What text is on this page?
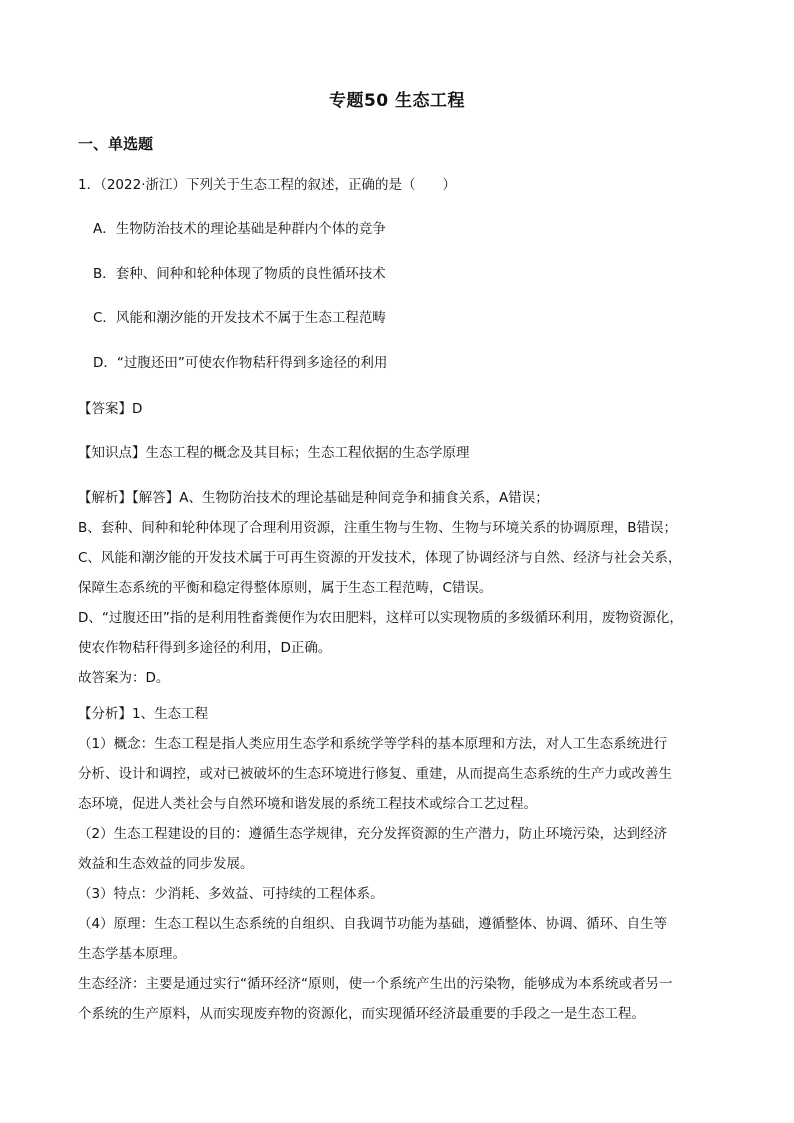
专题50 生态工程
一、单选题
1．（2022·浙江）下列关于生态工程的叙述，正确的是（　　）
A．生物防治技术的理论基础是种群内个体的竞争
B．套种、间种和轮种体现了物质的良性循环技术
C．风能和潮汐能的开发技术不属于生态工程范畴
D．“过腹还田”可使农作物秸秆得到多途径的利用
【答案】D
【知识点】生态工程的概念及其目标；生态工程依据的生态学原理
【解析】【解答】A、生物防治技术的理论基础是种间竞争和捕食关系，A错误；
B、套种、间种和轮种体现了合理利用资源，注重生物与生物、生物与环境关系的协调原理，B错误；
C、风能和潮汐能的开发技术属于可再生资源的开发技术，体现了协调经济与自然、经济与社会关系，
保障生态系统的平衡和稳定得整体原则，属于生态工程范畴，C错误。
D、“过腹还田”指的是利用牲畜粪便作为农田肥料，这样可以实现物质的多级循环利用，废物资源化，
使农作物秸秆得到多途径的利用，D正确。
故答案为：D。
【分析】1、生态工程
（1）概念：生态工程是指人类应用生态学和系统学等学科的基本原理和方法，对人工生态系统进行
分析、设计和调控，或对已被破坏的生态环境进行修复、重建，从而提高生态系统的生产力或改善生
态环境，促进人类社会与自然环境和谐发展的系统工程技术或综合工艺过程。
（2）生态工程建设的目的：遵循生态学规律，充分发挥资源的生产潜力，防止环境污染，达到经济
效益和生态效益的同步发展。
（3）特点：少消耗、多效益、可持续的工程体系。
（4）原理：生态工程以生态系统的自组织、自我调节功能为基础，遵循整体、协调、循环、自生等
生态学基本原理。
生态经济：主要是通过实行“循环经济“原则，使一个系统产生出的污染物，能够成为本系统或者另一
个系统的生产原料，从而实现废弃物的资源化，而实现循环经济最重要的手段之一是生态工程。
